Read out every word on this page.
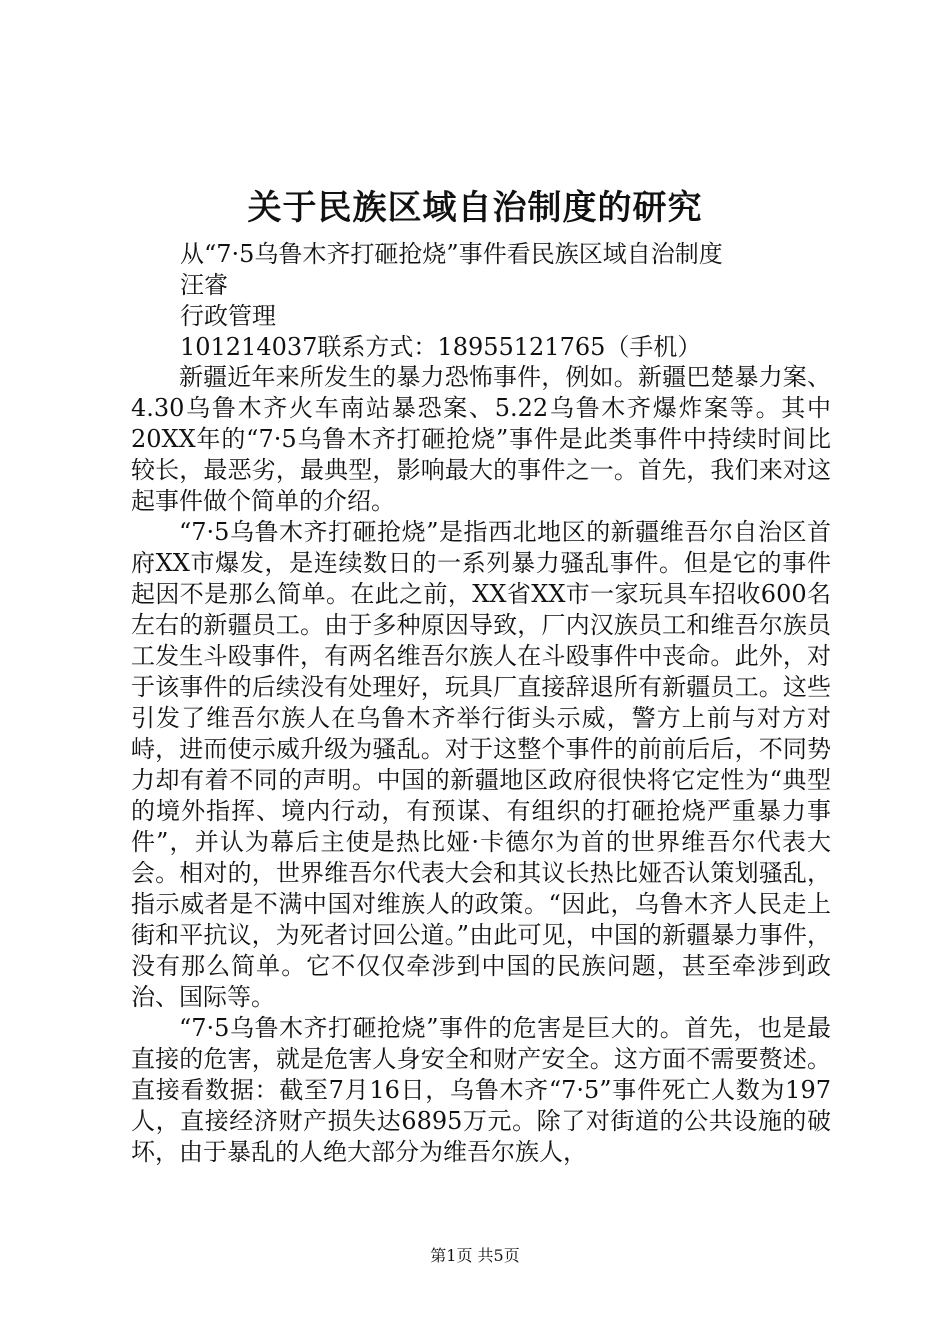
关于民族区域自治制度的研究
从“7·5乌鲁木齐打砸抢烧”事件看民族区域自治制度
汪睿
行政管理
101214037联系方式：18955121765（手机）

新疆近年来所发生的暴力恐怖事件，例如。新疆巴楚暴力案、4.30乌鲁木齐火车南站暴恐案、5.22乌鲁木齐爆炸案等。其中20XX年的“7·5乌鲁木齐打砸抢烧”事件是此类事件中持续时间比较长，最恶劣，最典型，影响最大的事件之一。首先，我们来对这起事件做个简单的介绍。

“7·5乌鲁木齐打砸抢烧”是指西北地区的新疆维吾尔自治区首府XX市爆发，是连续数日的一系列暴力骚乱事件。但是它的事件起因不是那么简单。在此之前，XX省XX市一家玩具车招收600名左右的新疆员工。由于多种原因导致，厂内汉族员工和维吾尔族员工发生斗殴事件，有两名维吾尔族人在斗殴事件中丧命。此外，对于该事件的后续没有处理好，玩具厂直接辞退所有新疆员工。这些引发了维吾尔族人在乌鲁木齐举行街头示威，警方上前与对方对峙，进而使示威升级为骚乱。对于这整个事件的前前后后，不同势力却有着不同的声明。中国的新疆地区政府很快将它定性为“典型的境外指挥、境内行动，有预谋、有组织的打砸抢烧严重暴力事件”，并认为幕后主使是热比娅·卡德尔为首的世界维吾尔代表大会。相对的，世界维吾尔代表大会和其议长热比娅否认策划骚乱，指示威者是不满中国对维族人的政策。“因此，乌鲁木齐人民走上街和平抗议，为死者讨回公道。”由此可见，中国的新疆暴力事件，没有那么简单。它不仅仅牵涉到中国的民族问题，甚至牵涉到政治、国际等。

“7·5乌鲁木齐打砸抢烧”事件的危害是巨大的。首先，也是最直接的危害，就是危害人身安全和财产安全。这方面不需要赘述。直接看数据：截至7月16日，乌鲁木齐“7·5”事件死亡人数为197人，直接经济财产损失达6895万元。除了对街道的公共设施的破坏，由于暴乱的人绝大部分为维吾尔族人，

第1页 共5页
